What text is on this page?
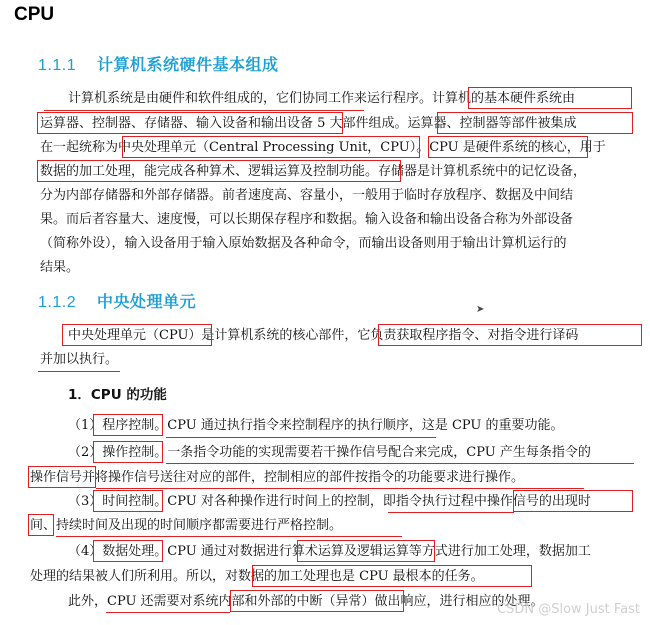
CPU
1.1.1 计算机系统硬件基本组成
计算机系统是由硬件和软件组成的，它们协同工作来运行程序。计算机的基本硬件系统由
运算器、控制器、存储器、输入设备和输出设备 5 大部件组成。运算器、控制器等部件被集成
在一起统称为中央处理单元（Central Processing Unit，CPU）。CPU 是硬件系统的核心，用于
数据的加工处理，能完成各种算术、逻辑运算及控制功能。存储器是计算机系统中的记忆设备，
分为内部存储器和外部存储器。前者速度高、容量小，一般用于临时存放程序、数据及中间结
果。而后者容量大、速度慢，可以长期保存程序和数据。输入设备和输出设备合称为外部设备
（简称外设），输入设备用于输入原始数据及各种命令，而输出设备则用于输出计算机运行的
结果。
1.1.2 中央处理单元	➤
中央处理单元（CPU）是计算机系统的核心部件，它负责获取程序指令、对指令进行译码
并加以执行。
1．CPU 的功能
（1）程序控制。CPU 通过执行指令来控制程序的执行顺序，这是 CPU 的重要功能。
（2）操作控制。一条指令功能的实现需要若干操作信号配合来完成，CPU 产生每条指令的
操作信号并将操作信号送往对应的部件，控制相应的部件按指令的功能要求进行操作。
（3）时间控制。CPU 对各种操作进行时间上的控制，即指令执行过程中操作信号的出现时
间、持续时间及出现的时间顺序都需要进行严格控制。
（4）数据处理。CPU 通过对数据进行算术运算及逻辑运算等方式进行加工处理，数据加工
处理的结果被人们所利用。所以，对数据的加工处理也是 CPU 最根本的任务。
此外，CPU 还需要对系统内部和外部的中断（异常）做出响应，进行相应的处理。
CSDN @Slow Just Fast
